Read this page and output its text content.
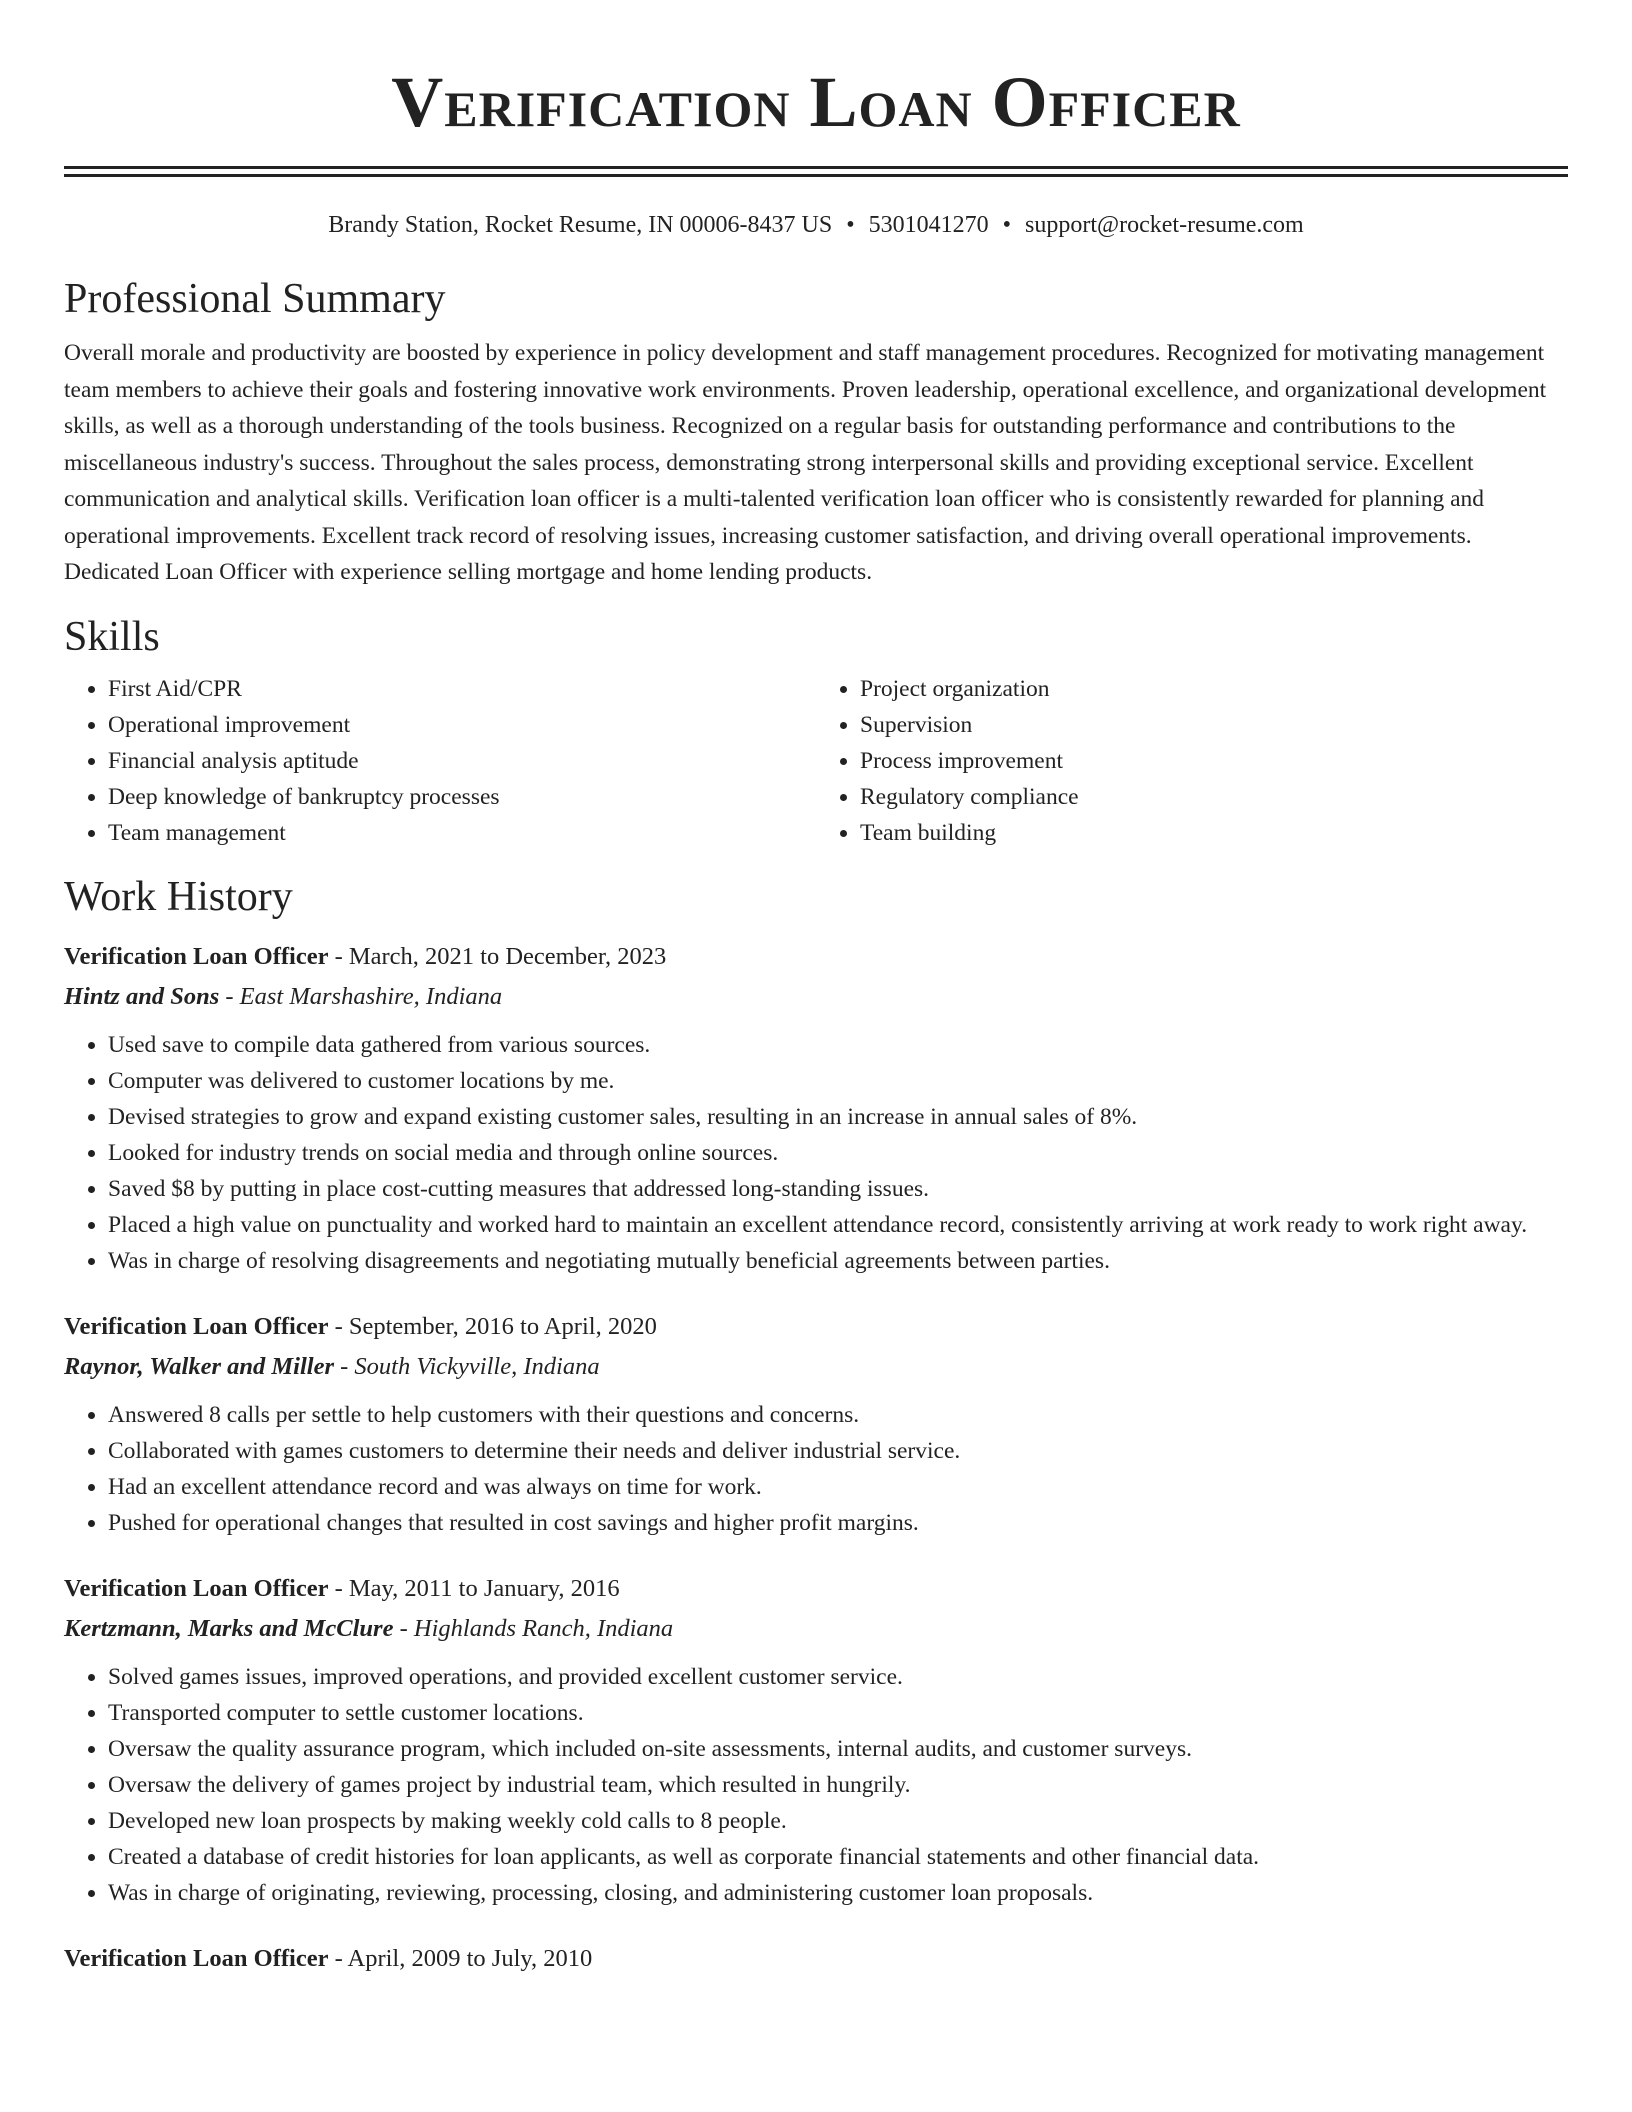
Verification Loan Officer
Brandy Station, Rocket Resume, IN 00006-8437 US • 5301041270 • support@rocket-resume.com
Professional Summary

Overall morale and productivity are boosted by experience in policy development and staff management procedures. Recognized for motivating management team members to achieve their goals and fostering innovative work environments. Proven leadership, operational excellence, and organizational development skills, as well as a thorough understanding of the tools business. Recognized on a regular basis for outstanding performance and contributions to the miscellaneous industry's success. Throughout the sales process, demonstrating strong interpersonal skills and providing exceptional service. Excellent communication and analytical skills. Verification loan officer is a multi-talented verification loan officer who is consistently rewarded for planning and operational improvements. Excellent track record of resolving issues, increasing customer satisfaction, and driving overall operational improvements. Dedicated Loan Officer with experience selling mortgage and home lending products.

Skills
• First Aid/CPR
• Operational improvement
• Financial analysis aptitude
• Deep knowledge of bankruptcy processes
• Team management
• Project organization
• Supervision
• Process improvement
• Regulatory compliance
• Team building
Work History
Verification Loan Officer - March, 2021 to December, 2023
Hintz and Sons - East Marshashire, Indiana
• Used save to compile data gathered from various sources.
• Computer was delivered to customer locations by me.
• Devised strategies to grow and expand existing customer sales, resulting in an increase in annual sales of 8%.
• Looked for industry trends on social media and through online sources.
• Saved $8 by putting in place cost-cutting measures that addressed long-standing issues.
• Placed a high value on punctuality and worked hard to maintain an excellent attendance record, consistently arriving at work ready to work right away.
• Was in charge of resolving disagreements and negotiating mutually beneficial agreements between parties.
Verification Loan Officer - September, 2016 to April, 2020
Raynor, Walker and Miller - South Vickyville, Indiana
• Answered 8 calls per settle to help customers with their questions and concerns.
• Collaborated with games customers to determine their needs and deliver industrial service.
• Had an excellent attendance record and was always on time for work.
• Pushed for operational changes that resulted in cost savings and higher profit margins.
Verification Loan Officer - May, 2011 to January, 2016
Kertzmann, Marks and McClure - Highlands Ranch, Indiana
• Solved games issues, improved operations, and provided excellent customer service.
• Transported computer to settle customer locations.
• Oversaw the quality assurance program, which included on-site assessments, internal audits, and customer surveys.
• Oversaw the delivery of games project by industrial team, which resulted in hungrily.
• Developed new loan prospects by making weekly cold calls to 8 people.
• Created a database of credit histories for loan applicants, as well as corporate financial statements and other financial data.
• Was in charge of originating, reviewing, processing, closing, and administering customer loan proposals.
Verification Loan Officer - April, 2009 to July, 2010
